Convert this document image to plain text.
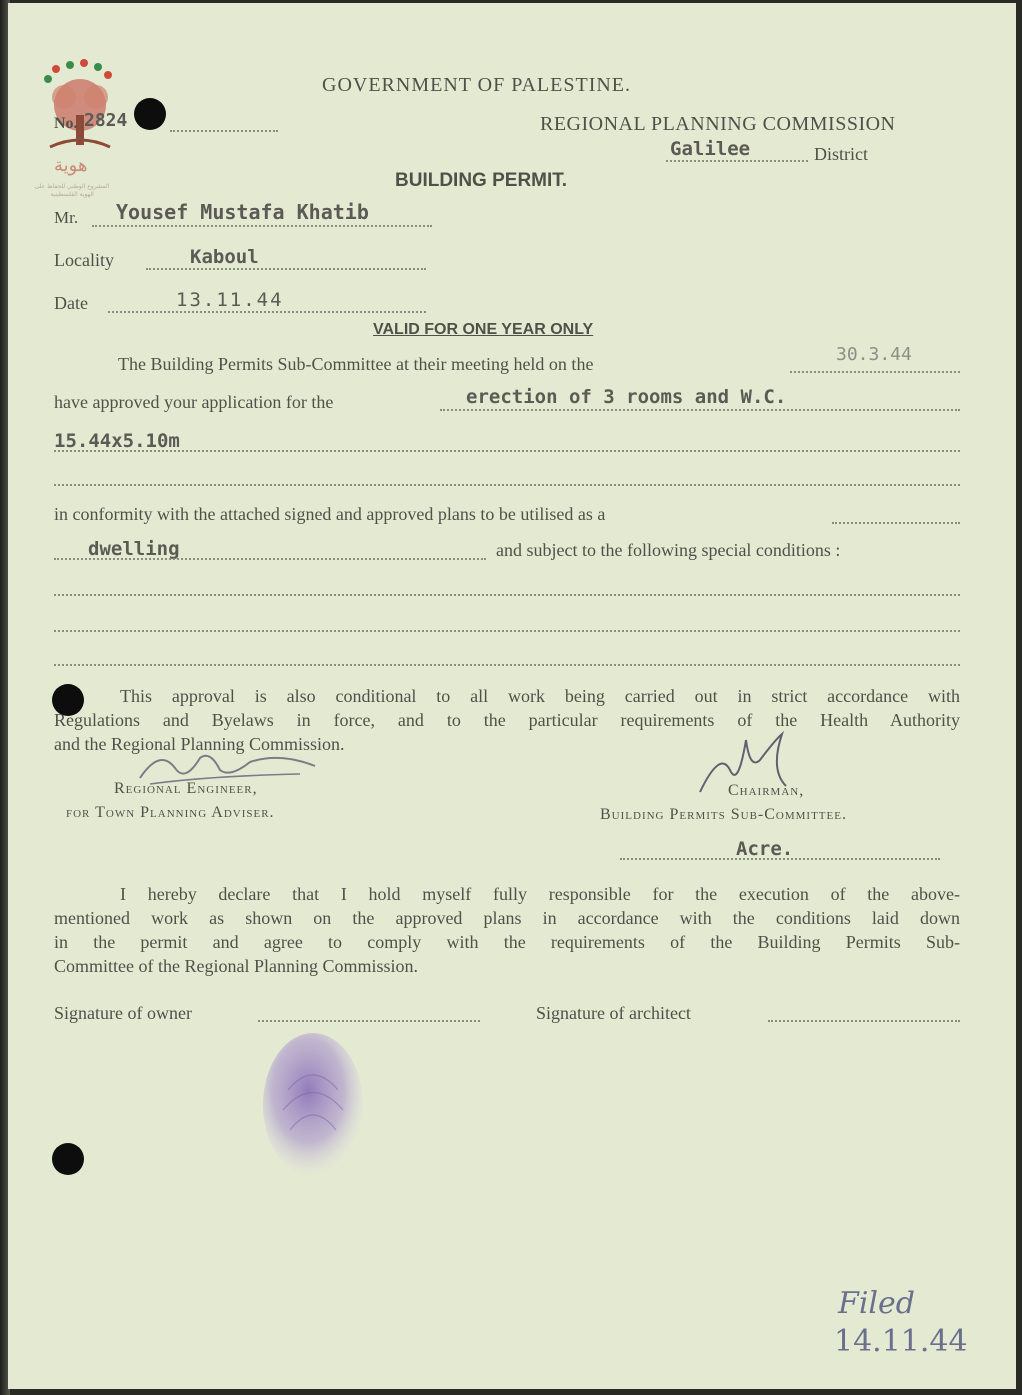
هوية
المشروع الوطني للحفاظ على الهوية الفلسطينية
GOVERNMENT OF PALESTINE.
No. 2824	REGIONAL PLANNING COMMISSION
Galilee	District
BUILDING PERMIT.
Mr. Yousef Mustafa Khatib
Locality	Kaboul
Date	13.11.44
VALID FOR ONE YEAR ONLY
The Building Permits Sub-Committee at their meeting held on the	30.3.44
have approved your application for the	erection of 3 rooms and W.C.
15.44x5.10m
in conformity with the attached signed and approved plans to be utilised as a
dwelling	and subject to the following special conditions :
This approval is also conditional to all work being carried out in strict accordance with
Regulations and Byelaws in force, and to the particular requirements of the Health Authority
and the Regional Planning Commission.
Regional Engineer,
for Town Planning Adviser.
Chairman,
Building Permits Sub-Committee.
Acre.
I hereby declare that I hold myself fully responsible for the execution of the above-
mentioned work as shown on the approved plans in accordance with the conditions laid down
in the permit and agree to comply with the requirements of the Building Permits Sub-
Committee of the Regional Planning Commission.
Signature of owner	Signature of architect
Filed
14.11.44
